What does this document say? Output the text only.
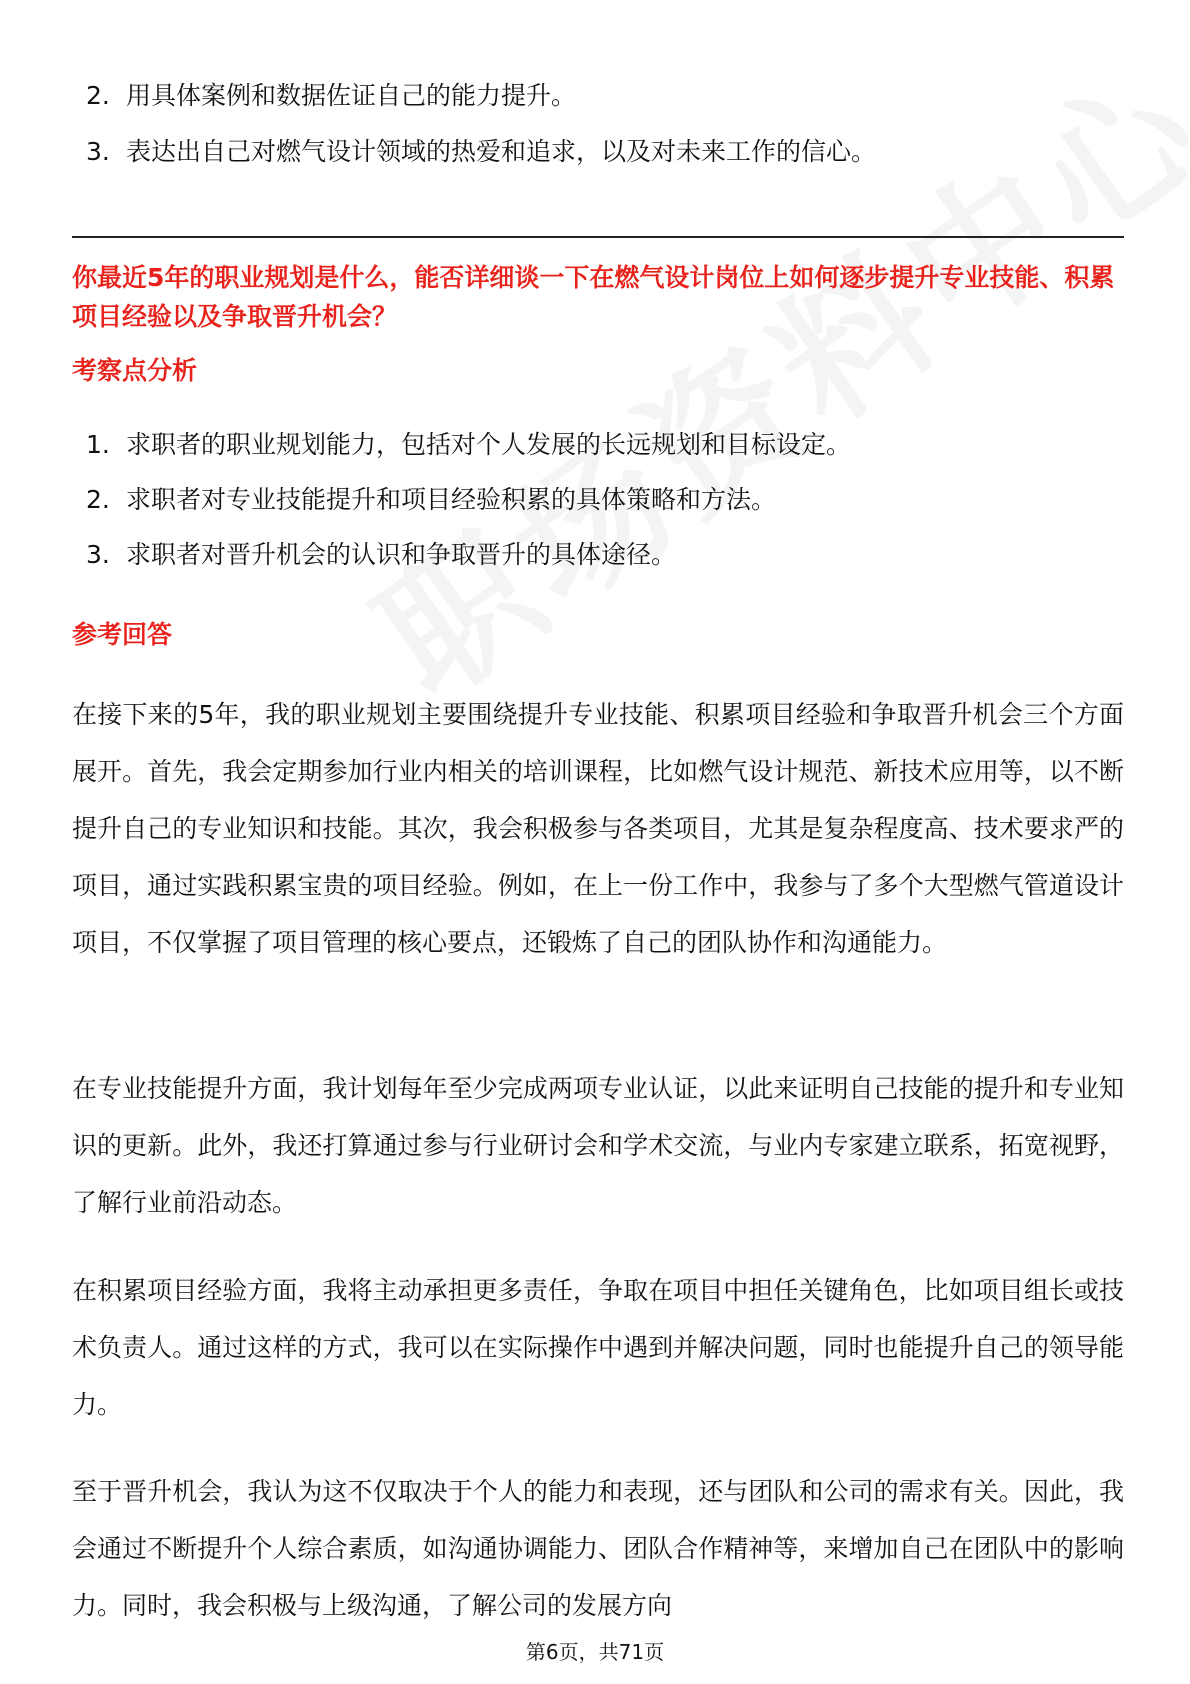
2. 用具体案例和数据佐证自己的能力提升。
3. 表达出自己对燃气设计领域的热爱和追求，以及对未来工作的信心。

你最近5年的职业规划是什么，能否详细谈一下在燃气设计岗位上如何逐步提升专业技能、积累项目经验以及争取晋升机会？

考察点分析

1. 求职者的职业规划能力，包括对个人发展的长远规划和目标设定。
2. 求职者对专业技能提升和项目经验积累的具体策略和方法。
3. 求职者对晋升机会的认识和争取晋升的具体途径。

参考回答

在接下来的5年，我的职业规划主要围绕提升专业技能、积累项目经验和争取晋升机会三个方面展开。首先，我会定期参加行业内相关的培训课程，比如燃气设计规范、新技术应用等，以不断提升自己的专业知识和技能。其次，我会积极参与各类项目，尤其是复杂程度高、技术要求严的项目，通过实践积累宝贵的项目经验。例如，在上一份工作中，我参与了多个大型燃气管道设计项目，不仅掌握了项目管理的核心要点，还锻炼了自己的团队协作和沟通能力。

在专业技能提升方面，我计划每年至少完成两项专业认证，以此来证明自己技能的提升和专业知识的更新。此外，我还打算通过参与行业研讨会和学术交流，与业内专家建立联系，拓宽视野，了解行业前沿动态。

在积累项目经验方面，我将主动承担更多责任，争取在项目中担任关键角色，比如项目组长或技术负责人。通过这样的方式，我可以在实际操作中遇到并解决问题，同时也能提升自己的领导能力。

至于晋升机会，我认为这不仅取决于个人的能力和表现，还与团队和公司的需求有关。因此，我会通过不断提升个人综合素质，如沟通协调能力、团队合作精神等，来增加自己在团队中的影响力。同时，我会积极与上级沟通，了解公司的发展方向

第6页，共71页
